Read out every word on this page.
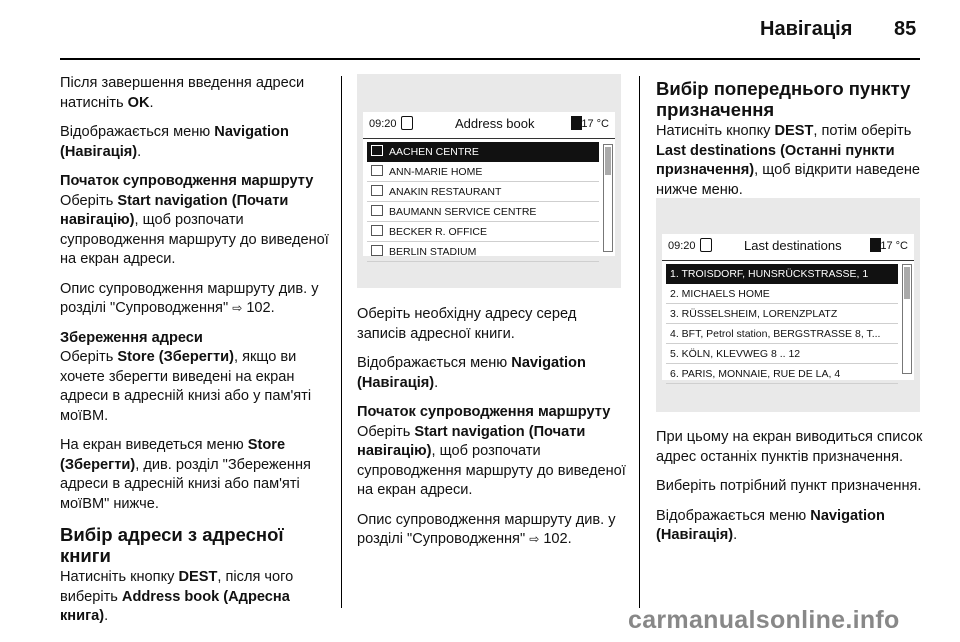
Навігація 85

Після завершення введення адреси натисніть OK.

Відображається меню Navigation (Навігація).

Початок супроводження маршруту

Оберіть Start navigation (Почати навігацію), щоб розпочати супроводження маршруту до виведеної на екран адреси.

Опис супроводження маршруту див. у розділі "Супроводження" ⇨ 102.

Збереження адреси

Оберіть Store (Зберегти), якщо ви хочете зберегти виведені на екран адреси в адресній книзі або у пам'яті моїВМ.

На екран виведеться меню Store (Зберегти), див. розділ "Збереження адреси в адресній книзі або пам'яті моїВМ" нижче.

Вибір адреси з адресної книги

Натисніть кнопку DEST, після чого виберіть Address book (Адресна книга).

09:20	Address book	17 °C
AACHEN CENTRE
ANN-MARIE HOME
ANAKIN RESTAURANT
BAUMANN SERVICE CENTRE
BECKER R. OFFICE
BERLIN STADIUM

Оберіть необхідну адресу серед записів адресної книги.

Відображається меню Navigation (Навігація).

Початок супроводження маршруту

Оберіть Start navigation (Почати навігацію), щоб розпочати супроводження маршруту до виведеної на екран адреси.

Опис супроводження маршруту див. у розділі "Супроводження" ⇨ 102.

Вибір попереднього пункту призначення

Натисніть кнопку DEST, потім оберіть Last destinations (Останні пункти призначення), щоб відкрити наведене нижче меню.

09:20	Last destinations	17 °C
1. TROISDORF, HUNSRÜCKSTRASSE, 1
2. MICHAELS HOME
3. RÜSSELSHEIM, LORENZPLATZ
4. BFT, Petrol station, BERGSTRASSE 8, T...
5. KÖLN, KLEVWEG 8 .. 12
6. PARIS, MONNAIE, RUE DE LA, 4

При цьому на екран виводиться список адрес останніх пунктів призначення.

Виберіть потрібний пункт призначення.

Відображається меню Navigation (Навігація).

carmanualsonline.info
